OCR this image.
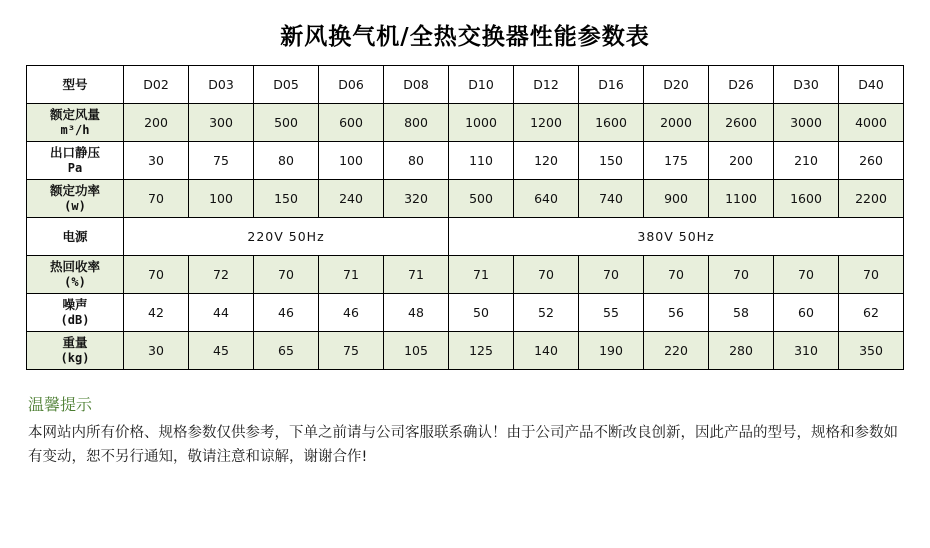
新风换气机/全热交换器性能参数表
型号	D02	D03	D05	D06	D08	D10	D12	D16	D20	D26	D30	D40
额定风量
m³/h	200	300	500	600	800	1000	1200	1600	2000	2600	3000	4000
出口静压
Pa	30	75	80	100	80	110	120	150	175	200	210	260
额定功率
(w)	70	100	150	240	320	500	640	740	900	1100	1600	2200
电源	220V 50Hz					380V 50Hz						
热回收率
(%)	70	72	70	71	71	71	70	70	70	70	70	70
噪声
(dB)	42	44	46	46	48	50	52	55	56	58	60	62
重量
(kg)	30	45	65	75	105	125	140	190	220	280	310	350
温馨提示
本网站内所有价格、规格参数仅供参考，下单之前请与公司客服联系确认！由于公司产品不断改良创新，因此产品的型号，规格和参数如有变动，恕不另行通知，敬请注意和谅解，谢谢合作!
